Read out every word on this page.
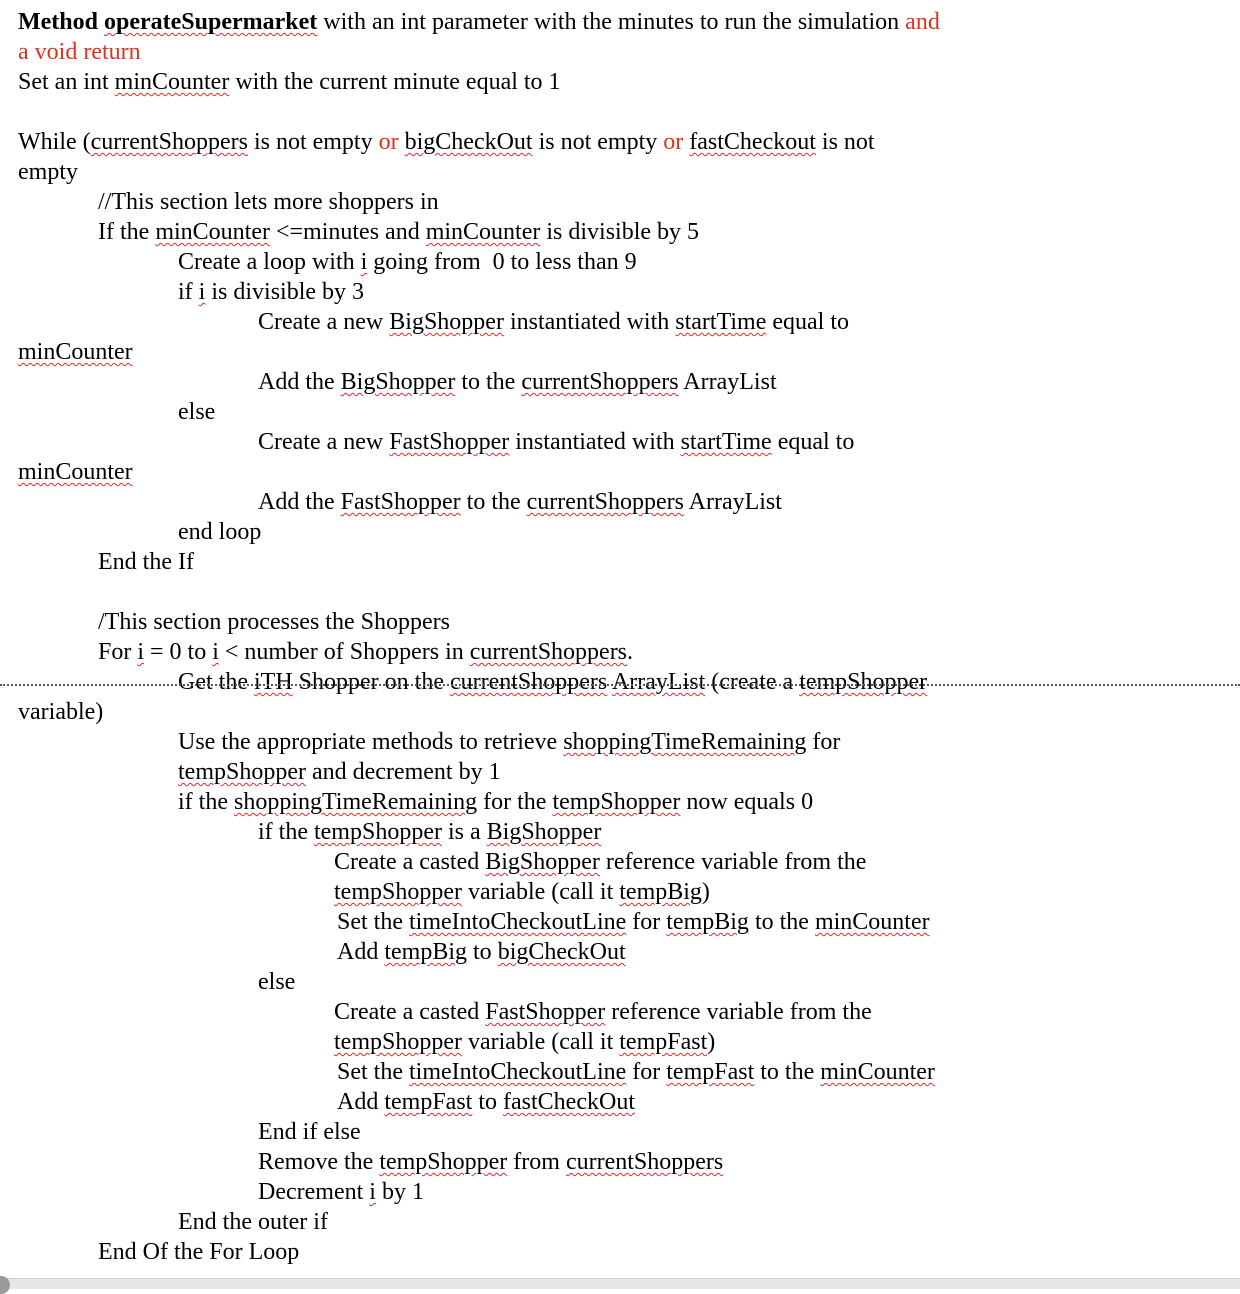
Method operateSupermarket with an int parameter with the minutes to run the simulation and
a void return
Set an int minCounter with the current minute equal to 1
While (currentShoppers is not empty or bigCheckOut is not empty or fastCheckout is not
empty
//This section lets more shoppers in
If the minCounter <=minutes and minCounter is divisible by 5
Create a loop with i going from  0 to less than 9
if i is divisible by 3
Create a new BigShopper instantiated with startTime equal to
minCounter
Add the BigShopper to the currentShoppers ArrayList
else
Create a new FastShopper instantiated with startTime equal to
minCounter
Add the FastShopper to the currentShoppers ArrayList
end loop
End the If
/This section processes the Shoppers
For i = 0 to i < number of Shoppers in currentShoppers.
Get the iTH Shopper on the currentShoppers ArrayList (create a tempShopper
variable)
Use the appropriate methods to retrieve shoppingTimeRemaining for
tempShopper and decrement by 1
if the shoppingTimeRemaining for the tempShopper now equals 0
if the tempShopper is a BigShopper
Create a casted BigShopper reference variable from the
tempShopper variable (call it tempBig)
Set the timeIntoCheckoutLine for tempBig to the minCounter
Add tempBig to bigCheckOut
else
Create a casted FastShopper reference variable from the
tempShopper variable (call it tempFast)
Set the timeIntoCheckoutLine for tempFast to the minCounter
Add tempFast to fastCheckOut
End if else
Remove the tempShopper from currentShoppers
Decrement i by 1
End the outer if
End Of the For Loop
